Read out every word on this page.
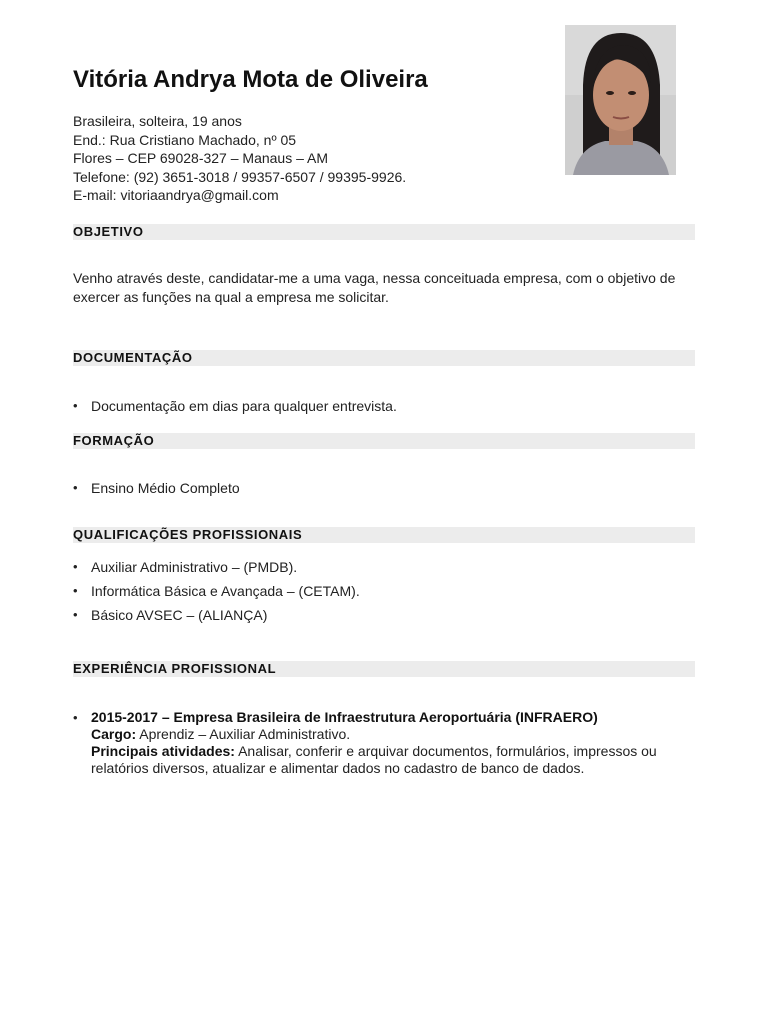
Vitória Andrya Mota de Oliveira
Brasileira, solteira, 19 anos
End.: Rua Cristiano Machado, nº 05
Flores – CEP 69028-327 – Manaus – AM
Telefone: (92) 3651-3018 / 99357-6507 / 99395-9926.
E-mail: vitoriaandrya@gmail.com
OBJETIVO
Venho através deste, candidatar-me a uma vaga, nessa conceituada empresa, com o objetivo de exercer as funções na qual a empresa me solicitar.
DOCUMENTAÇÃO
• Documentação em dias para qualquer entrevista.
FORMAÇÃO
• Ensino Médio Completo
QUALIFICAÇÕES PROFISSIONAIS
• Auxiliar Administrativo – (PMDB).
• Informática Básica e Avançada – (CETAM).
• Básico AVSEC – (ALIANÇA)
EXPERIÊNCIA PROFISSIONAL
• 2015-2017 – Empresa Brasileira de Infraestrutura Aeroportuária (INFRAERO)
Cargo: Aprendiz – Auxiliar Administrativo.
Principais atividades: Analisar, conferir e arquivar documentos, formulários, impressos ou relatórios diversos, atualizar e alimentar dados no cadastro de banco de dados.
